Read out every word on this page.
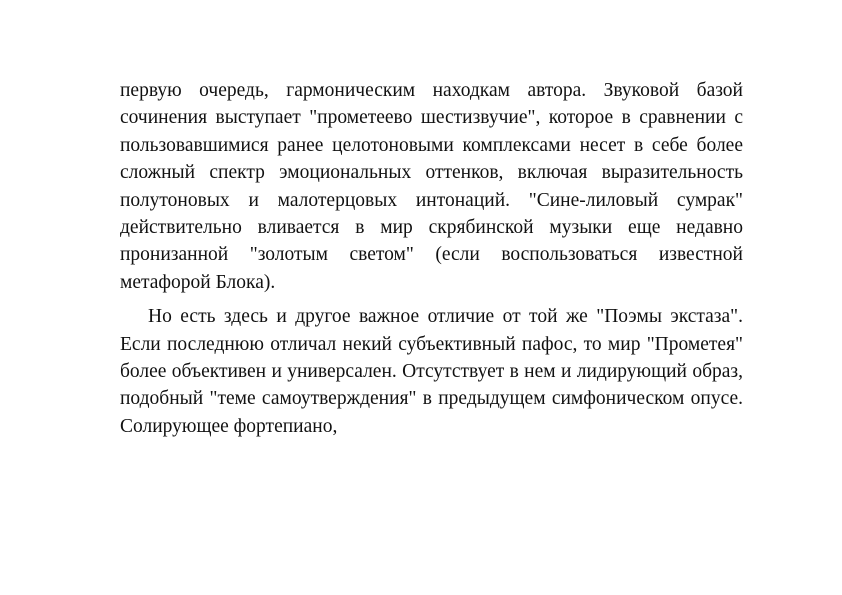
первую очередь, гармоническим находкам автора. Звуковой базой сочинения выступает "прометеево шестизвучие", которое в сравнении с пользовавшимися ранее целотоновыми комплексами несет в себе более сложный спектр эмоциональных оттенков, включая выразительность полутоновых и малотерцовых интонаций. "Сине-лиловый сумрак" действительно вливается в мир скрябинской музыки еще недавно пронизанной "золотым светом" (если воспользоваться известной метафорой Блока).

Но есть здесь и другое важное отличие от той же "Поэмы экстаза". Если последнюю отличал некий субъективный пафос, то мир "Прометея" более объективен и универсален. Отсутствует в нем и лидирующий образ, подобный "теме самоутверждения" в предыдущем симфоническом опусе. Солирующее фортепиано,
